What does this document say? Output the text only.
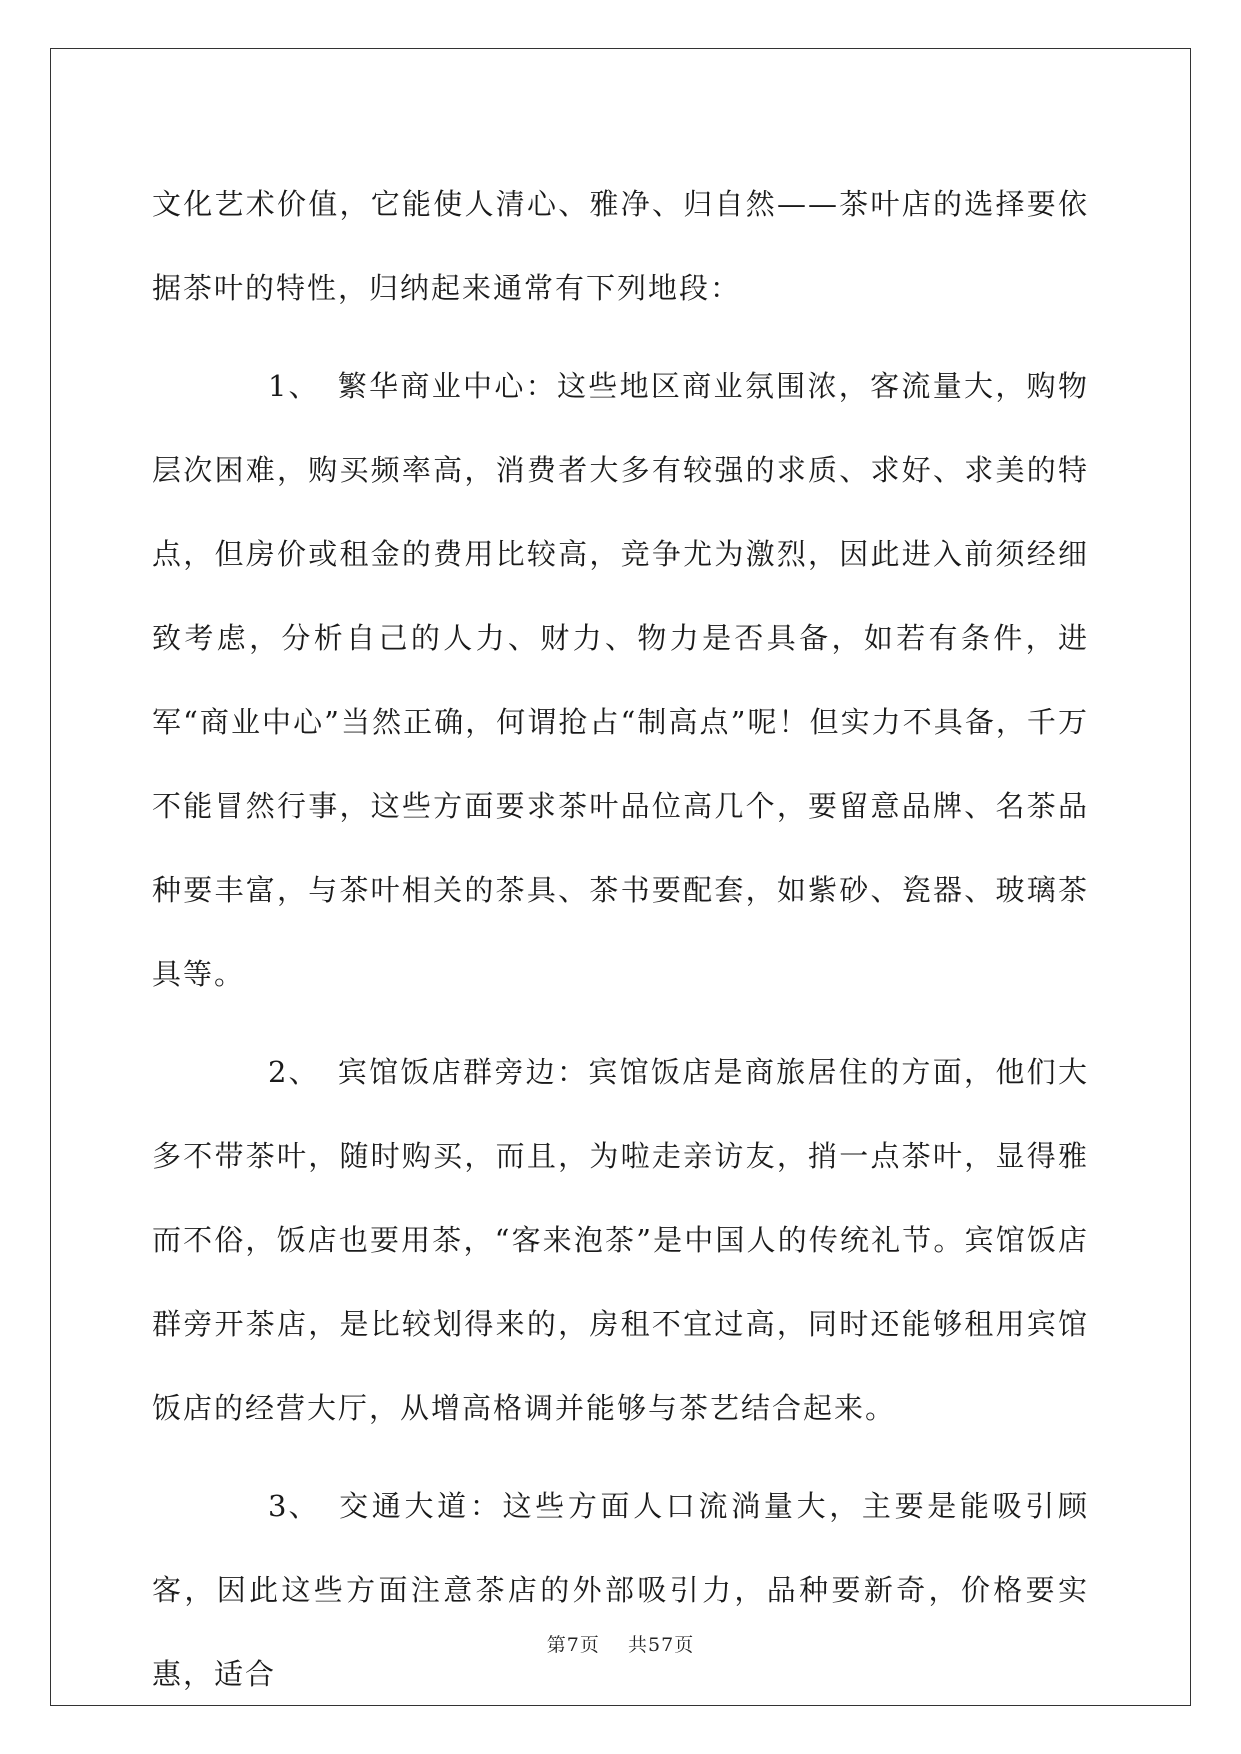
文化艺术价值，它能使人清心、雅净、归自然——茶叶店的选择要依据茶叶的特性，归纳起来通常有下列地段：

1、 繁华商业中心：这些地区商业氛围浓，客流量大，购物层次困难，购买频率高，消费者大多有较强的求质、求好、求美的特点，但房价或租金的费用比较高，竞争尤为激烈，因此进入前须经细致考虑，分析自己的人力、财力、物力是否具备，如若有条件，进军“商业中心”当然正确，何谓抢占“制高点”呢！但实力不具备，千万不能冒然行事，这些方面要求茶叶品位高几个，要留意品牌、名茶品种要丰富，与茶叶相关的茶具、茶书要配套，如紫砂、瓷器、玻璃茶具等。

2、 宾馆饭店群旁边：宾馆饭店是商旅居住的方面，他们大多不带茶叶，随时购买，而且，为啦走亲访友，捎一点茶叶，显得雅而不俗，饭店也要用茶，“客来泡茶”是中国人的传统礼节。宾馆饭店群旁开茶店，是比较划得来的，房租不宜过高，同时还能够租用宾馆饭店的经营大厅，从增高格调并能够与茶艺结合起来。

3、 交通大道：这些方面人口流淌量大，主要是能吸引顾客，因此这些方面注意茶店的外部吸引力，品种要新奇，价格要实惠，适合

第7页 共57页
